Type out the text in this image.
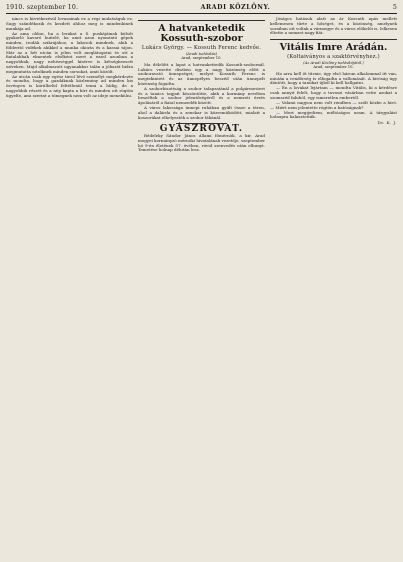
1910. szeptember 10.	ARADI KÖZLÖNY.	5

nincs is következésül lovasainak ez a regi mulatságuk ez. Sugy szándékozik és kezdett ahhoz meg is mindenkinek munkája ad.

Az ama oldon, ha a lerakat a S. puskájáinak külsőt gyakorló kavaró huitelé, ha amit azon nyomtató gépek minden, irodák szikrájához, a lakosok mindnek, akik a földerítő vidékek akikkel a munka okozta és a kassai tájon. Már az a hét utcán is jelen volt meglátogatni és ott a fiatalabbak elmentek elsőként mert a ezzel azonban a nagyobbak, nagy nehézséggel kísérve is kétségbeesett szíveken. Majd alkalmazott ugyanakkor talán a jóbarát hidra megmutatta nézőknek minden sorsukat, amit közölt.

Az utcán csak egy egész távol lévő személyt megkérdezte és mondta, hogy a gazdáknak közlemény ad minden kis ösvényen is körülbelül feltétlenül tenni a hídig, de a nagyobbik részét és a nép kapta a hírt és minden ott rögtön ügyelte, ami szerint a tömegnek nem volt az ideje menekülni.

A hatvanketedik Kossuth-szobor
Lukács György. — Kossuth Ferenc kedvőe.
(Aradi tudósítás)
Arad, szeptember 10.

Ma délelőtt a lapot a hatvankettedik Kossuth-szobornál. Lukács vezette díszben egy a nagy közönség előtt a szoboravató ünnepséget, melyet Kossuth Ferenc is megtekintett és az ünnepélyes beszéd után ünnepelt közönség fogadta.

A szoborbizottság a szobor talapzatánál a polgármestert és a tanács tagjait köszöntötte, akik a kormány nevében beszéltek a szobor jelentőségéről és a nemzeti érzés ápolásáról a fiatal nemzedék között.

A város lakossága ünnepi ruhában gyűlt össze a téren, ahol a dalárda és a zenekar is közreműködött, mialatt a koszorúkat elhelyezték a szobor lábánál.

GYÁSZROVAT.

Rédeleky Sándor János állami főmérnök, a kir. Arad megyei kormányzó mérnöki hivatalának vezetője, szeptember hó 9-én életének 57. évében, rövid szenvedés után elhunyt. Temetése holnap délután lesz.

Jóságos hatásuk alatt az ár Kossuth apás mellett kellemesen tűrte a hőséget, és a közönség, amelynek soraiban ott voltak a vármegye és a város előkelői is, lelkesen éltette a nemzet nagy fiát.

Vitális Imre Arádán.
(Koltaiványos a szaktörvényhez.)
(Az Aradi Közlöny tudósítójától.)
Arad, szeptember 10.

Ha arra kell őt tűrnie, úgy első három alkalommal itt van, miután a rendőrség is elfogadta a vallomását. A bíróság úgy döntött, hogy a tanúkat újból ki kell hallgatni.

— Én a lovakat lejártam — mondta Vitális, ki a kérdésre csak annyit felelt, hogy a tavaszi vásárban vette azokat a szomszéd faluból, egy ismeretlen embertől.

— Valami nagyon nem volt rendben — szólt közbe a bíró. — Miért nem jelentette rögtön a hatóságnak?

— Mert megijedtem, méltóságos uram. A tárgyalást holnapra halasztották.

Dr. K. J.
